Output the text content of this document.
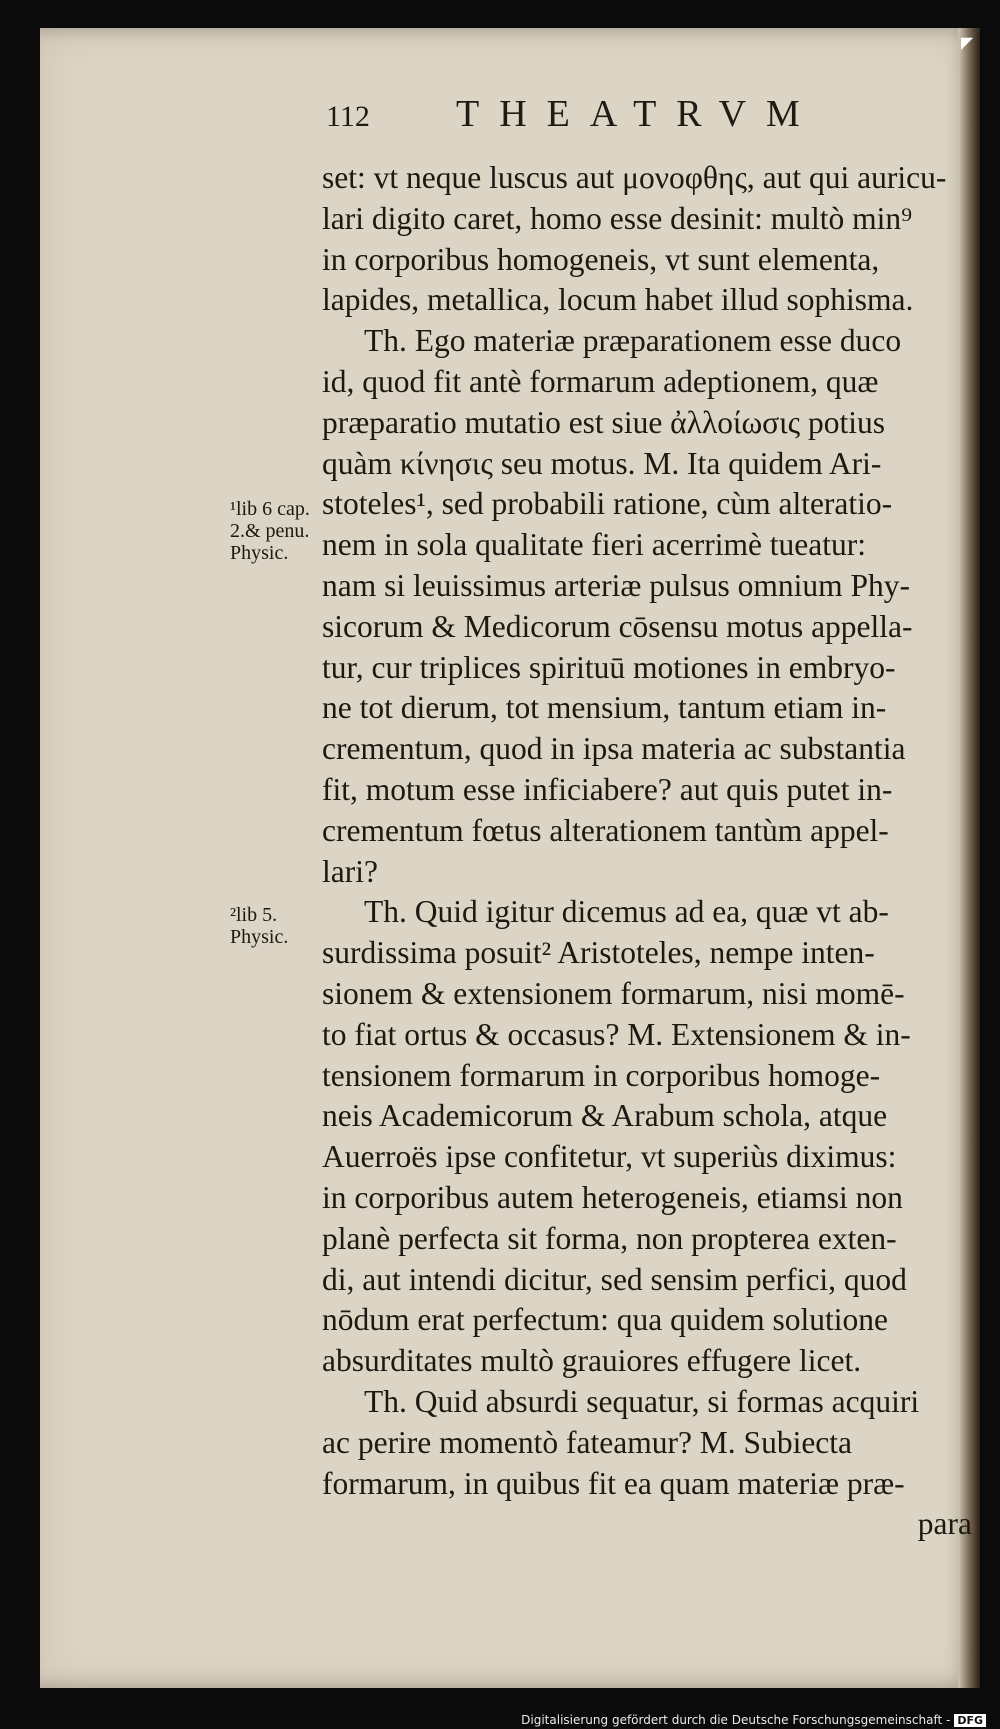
◤
112 THEATRVM
¹lib 6 cap.
2.& penu.
Physic.
²lib 5.
Physic.
set: vt neque luscus aut μονοφθης, aut qui auricu-
lari digito caret, homo esse desinit: multò min⁹
in corporibus homogeneis, vt sunt elementa,
lapides, metallica, locum habet illud sophisma.
Th. Ego materiæ præparationem esse duco
id, quod fit antè formarum adeptionem, quæ
præparatio mutatio est siue ἀλλοίωσις potius
quàm κίνησις seu motus. M. Ita quidem Ari-
stoteles¹, sed probabili ratione, cùm alteratio-
nem in sola qualitate fieri acerrimè tueatur:
nam si leuissimus arteriæ pulsus omnium Phy-
sicorum & Medicorum cōsensu motus appella-
tur, cur triplices spirituū motiones in embryo-
ne tot dierum, tot mensium, tantum etiam in-
crementum, quod in ipsa materia ac substantia
fit, motum esse inficiabere? aut quis putet in-
crementum fœtus alterationem tantùm appel-
lari?
Th. Quid igitur dicemus ad ea, quæ vt ab-
surdissima posuit² Aristoteles, nempe inten-
sionem & extensionem formarum, nisi momē-
to fiat ortus & occasus? M. Extensionem & in-
tensionem formarum in corporibus homoge-
neis Academicorum & Arabum schola, atque
Auerroës ipse confitetur, vt superiùs diximus:
in corporibus autem heterogeneis, etiamsi non
planè perfecta sit forma, non propterea exten-
di, aut intendi dicitur, sed sensim perfici, quod
nōdum erat perfectum: qua quidem solutione
absurditates multò grauiores effugere licet.
Th. Quid absurdi sequatur, si formas acquiri
ac perire momentò fateamur? M. Subiecta
formarum, in quibus fit ea quam materiæ præ-
para
Digitalisierung gefördert durch die Deutsche Forschungsgemeinschaft - DFG
